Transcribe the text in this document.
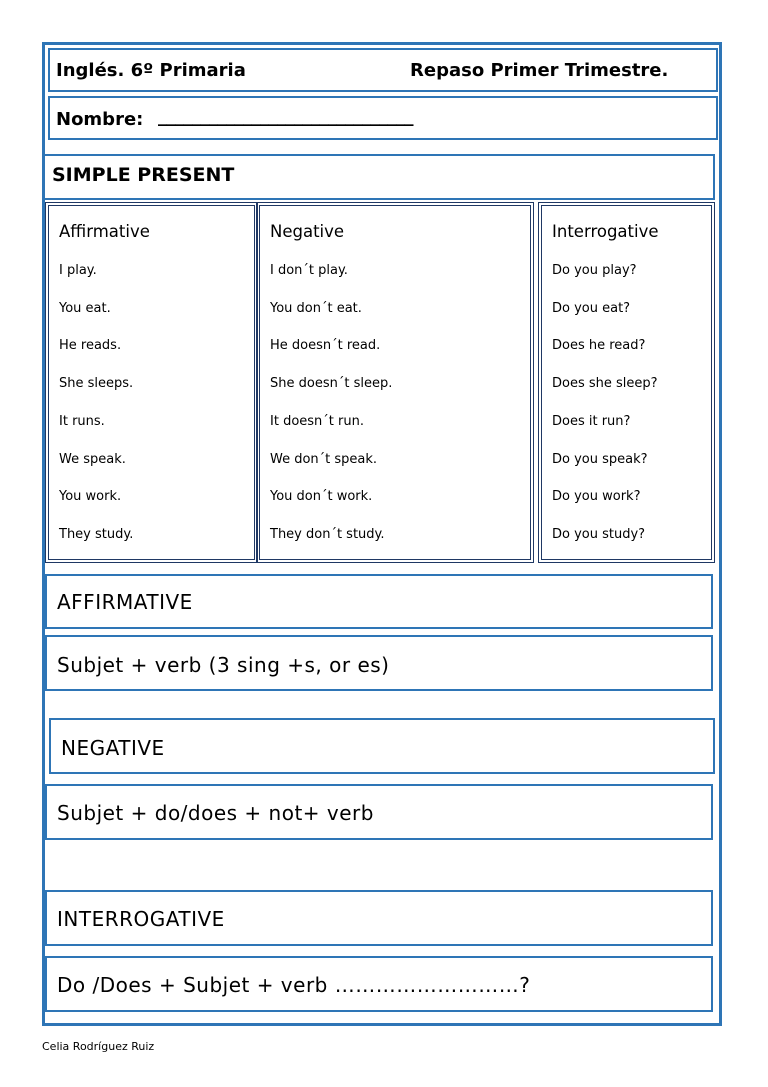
Inglés. 6º Primaria	Repaso Primer Trimestre.
Nombre: ______________________________
SIMPLE PRESENT
Affirmative
I play.
You eat.
He reads.
She sleeps.
It runs.
We speak.
You work.
They study.
Negative
I don´t play.
You don´t eat.
He doesn´t read.
She doesn´t sleep.
It doesn´t run.
We don´t speak.
You don´t work.
They don´t study.
Interrogative
Do you play?
Do you eat?
Does he read?
Does she sleep?
Does it run?
Do you speak?
Do you work?
Do you study?
AFFIRMATIVE
Subjet + verb (3 sing +s, or es)
NEGATIVE
Subjet + do/does + not+ verb
INTERROGATIVE
Do /Does + Subjet + verb ………………………?
Celia Rodríguez Ruiz
